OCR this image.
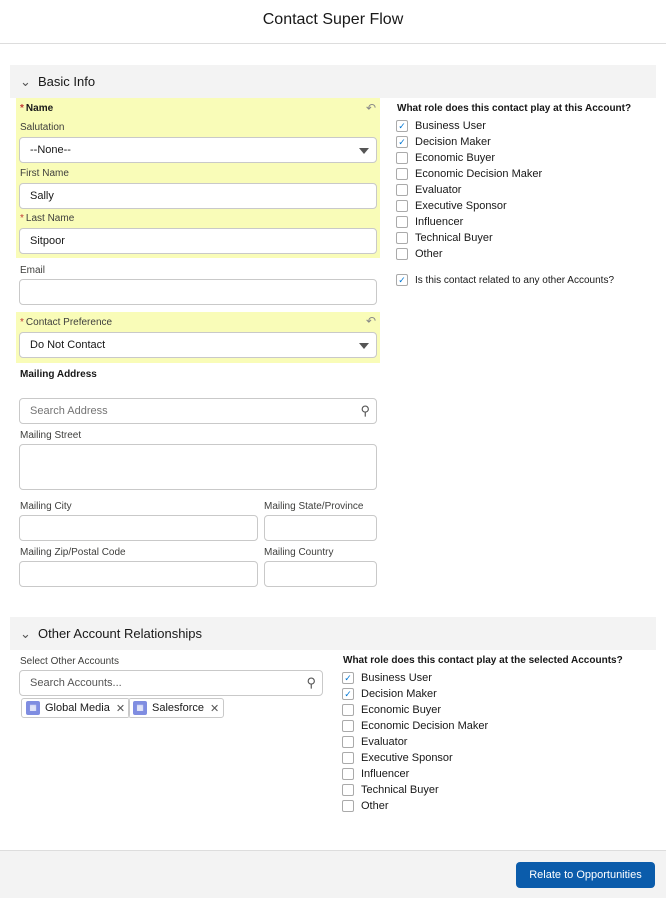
Contact Super Flow
⌄ Basic Info
* Name	↶
Salutation
--None--
First Name
Sally
* Last Name
Sitpoor
Email
* Contact Preference	↶
Do Not Contact
Mailing Address
Search Address	⚲
Mailing Street
Mailing City	Mailing State/Province
Mailing Zip/Postal Code	Mailing Country
What role does this contact play at this Account?
✓ Business User
✓ Decision Maker
Economic Buyer
Economic Decision Maker
Evaluator
Executive Sponsor
Influencer
Technical Buyer
Other
✓ Is this contact related to any other Accounts?
⌄ Other Account Relationships
Select Other Accounts
Search Accounts...	⚲
▦ Global Media ✕	▦ Salesforce ✕
What role does this contact play at the selected Accounts?
✓ Business User
✓ Decision Maker
Economic Buyer
Economic Decision Maker
Evaluator
Executive Sponsor
Influencer
Technical Buyer
Other
Relate to Opportunities
